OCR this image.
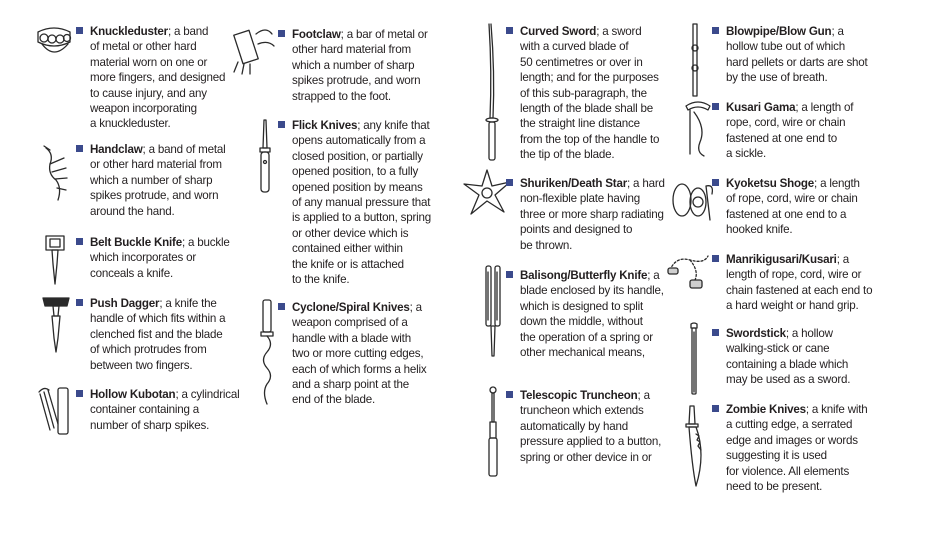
Knuckleduster; a band
of metal or other hard
material worn on one or
more fingers, and designed
to cause injury, and any
weapon incorporating
a knuckleduster.
Handclaw; a band of metal
or other hard material from
which a number of sharp
spikes protrude, and worn
around the hand.
Belt Buckle Knife; a buckle
which incorporates or
conceals a knife.
Push Dagger; a knife the
handle of which fits within a
clenched fist and the blade
of which protrudes from
between two fingers.
Hollow Kubotan; a cylindrical
container containing a
number of sharp spikes.
Footclaw; a bar of metal or
other hard material from
which a number of sharp
spikes protrude, and worn
strapped to the foot.
Flick Knives; any knife that
opens automatically from a
closed position, or partially
opened position, to a fully
opened position by means
of any manual pressure that
is applied to a button, spring
or other device which is
contained either within
the knife or is attached
to the knife.
Cyclone/Spiral Knives; a
weapon comprised of a
handle with a blade with
two or more cutting edges,
each of which forms a helix
and a sharp point at the
end of the blade.
Curved Sword; a sword
with a curved blade of
50 centimetres or over in
length; and for the purposes
of this sub-paragraph, the
length of the blade shall be
the straight line distance
from the top of the handle to
the tip of the blade.
Shuriken/Death Star; a hard
non-flexible plate having
three or more sharp radiating
points and designed to
be thrown.
Balisong/Butterfly Knife; a
blade enclosed by its handle,
which is designed to split
down the middle, without
the operation of a spring or
other mechanical means,
Telescopic Truncheon; a
truncheon which extends
automatically by hand
pressure applied to a button,
spring or other device in or
Blowpipe/Blow Gun; a
hollow tube out of which
hard pellets or darts are shot
by the use of breath.
Kusari Gama; a length of
rope, cord, wire or chain
fastened at one end to
a sickle.
Kyoketsu Shoge; a length
of rope, cord, wire or chain
fastened at one end to a
hooked knife.
Manrikigusari/Kusari; a
length of rope, cord, wire or
chain fastened at each end to
a hard weight or hand grip.
Swordstick; a hollow
walking-stick or cane
containing a blade which
may be used as a sword.
Zombie Knives; a knife with
a cutting edge, a serrated
edge and images or words
suggesting it is used
for violence. All elements
need to be present.
